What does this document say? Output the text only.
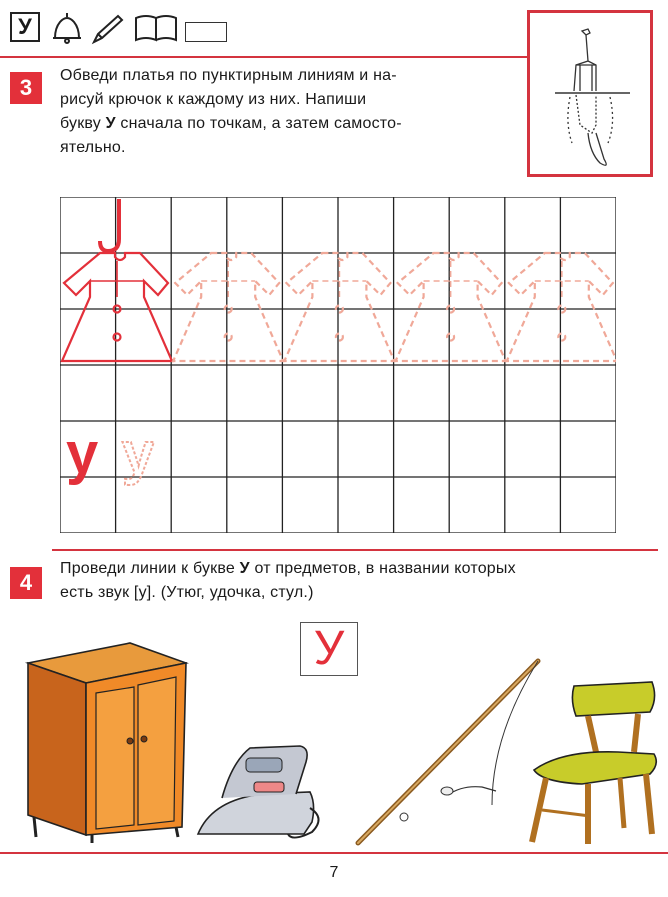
У
3	Обведи платья по пунктирным линиям и на-
рисуй крючок к каждому из них. Напиши
букву У сначала по точкам, а затем самосто-
ятельно.
у у
4
Проведи линии к букве У от предметов, в названии которых
есть звук [у]. (Утюг, удочка, стул.)
У
7
